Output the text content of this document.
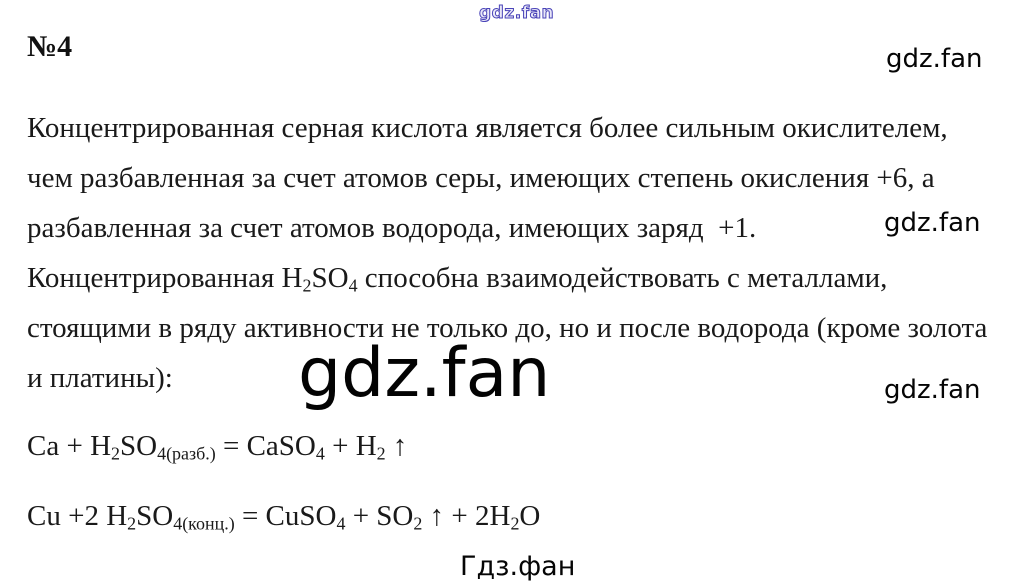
gdz.fan
№4	gdz.fan
Концентрированная серная кислота является более сильным окислителем,
чем разбавленная за счет атомов серы, имеющих степень окисления +6, а
разбавленная за счет атомов водорода, имеющих заряд  +1.
Концентрированная $H_2SO_4$ способна взаимодействовать с металлами,
стоящими в ряду активности не только до, но и после водорода (кроме золота
и платины):
gdz.fan
gdz.fan	gdz.fan
$Ca + H_2SO_{4(разб.)}$ = CaSO$_4$ + $H_2$ ↑
Cu +2 $H_2SO_{4(конц.)}$ = CuSO$_4$ + $SO_2$ ↑ + $2H_2O$
Гдз.фан
